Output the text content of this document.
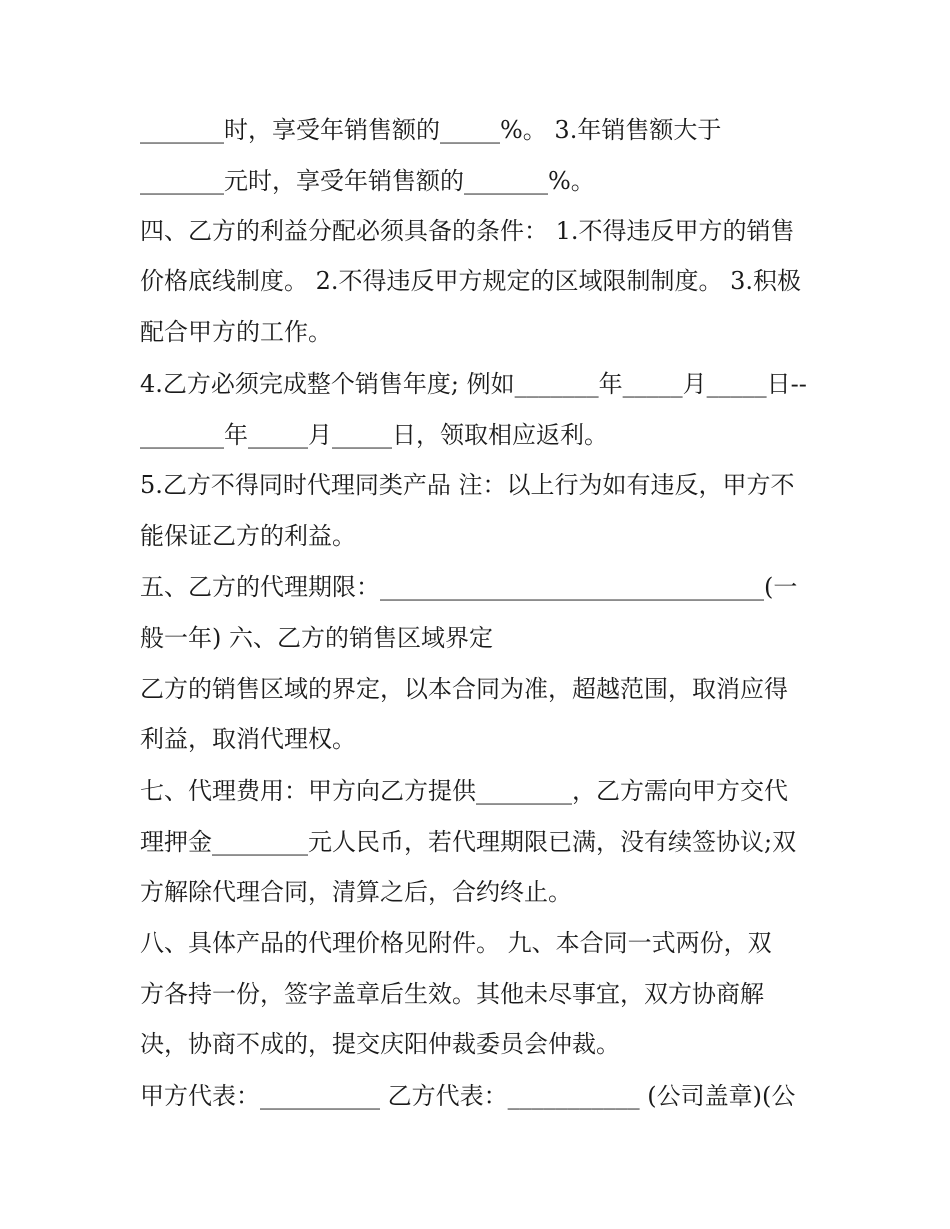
_______时，享受年销售额的_____%。 3.年销售额大于
_______元时，享受年销售额的_______%。
四、乙方的利益分配必须具备的条件： 1.不得违反甲方的销售
价格底线制度。 2.不得违反甲方规定的区域限制制度。 3.积极
配合甲方的工作。
4.乙方必须完成整个销售年度; 例如_______年_____月_____日--
_______年_____月_____日，领取相应返利。
5.乙方不得同时代理同类产品 注：以上行为如有违反，甲方不
能保证乙方的利益。
五、乙方的代理期限：________________________________(一
般一年) 六、乙方的销售区域界定
乙方的销售区域的界定，以本合同为准，超越范围，取消应得
利益，取消代理权。
七、代理费用：甲方向乙方提供________，乙方需向甲方交代
理押金________元人民币，若代理期限已满，没有续签协议;双
方解除代理合同，清算之后，合约终止。
八、具体产品的代理价格见附件。 九、本合同一式两份，双
方各持一份，签字盖章后生效。其他未尽事宜，双方协商解
决，协商不成的，提交庆阳仲裁委员会仲裁。
甲方代表：__________ 乙方代表：___________ (公司盖章)(公
